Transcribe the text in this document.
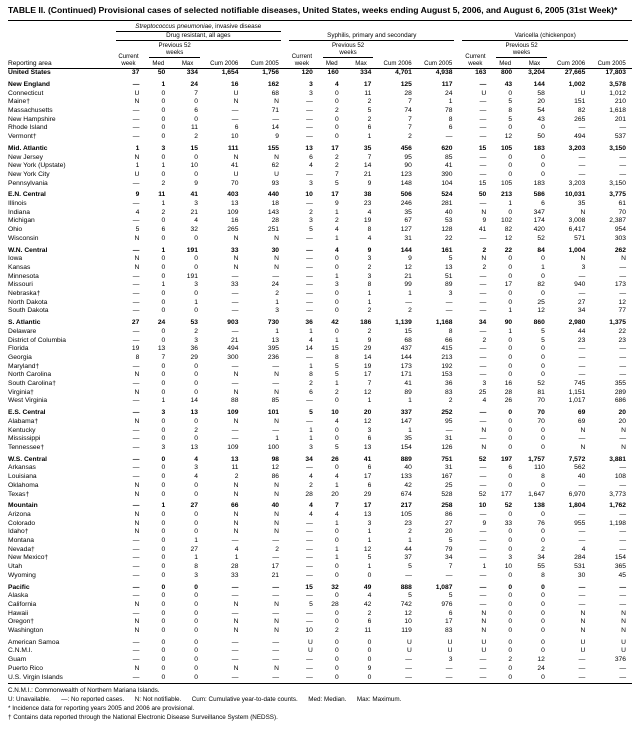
TABLE II. (Continued) Provisional cases of selected notifiable diseases, United States, weeks ending August 5, 2006, and August 6, 2005 (31st Week)*
Reporting area	Streptococcus pneumoniae, invasive disease					Syphilis, primary and secondary					Varicella (chickenpox)				

	Drug resistant, all ages														

	Current week	Previous 52 weeks		Cum 2006	Cum 2005	Current week	Previous 52 weeks		Cum 2006	Cum 2005	Current week	Previous 52 weeks		Cum 2006	Cum 2005
		Med	Max				Med	Max				Med	Max		
United States	37	50	334	1,654	1,756	120	160	334	4,701	4,938	163	800	3,204	27,665	17,803
New England	—	1	24	16	162	3	4	17	125	117	—	43	144	1,002	3,578
Connecticut	U	0	7	U	68	3	0	11	28	24	U	0	58	U	1,012
Maine†	N	0	0	N	N	—	0	2	7	1	—	5	20	151	210
Massachusetts	—	0	6	—	71	—	2	5	74	78	—	8	54	82	1,618
New Hampshire	—	0	0	—	—	—	0	2	7	8	—	5	43	265	201
Rhode Island	—	0	11	6	14	—	0	6	7	6	—	0	0	—	—
Vermont†	—	0	2	10	9	—	0	1	2	—	—	12	50	494	537
Mid. Atlantic	1	3	15	111	155	13	17	35	456	620	15	105	183	3,203	3,150
New Jersey	N	0	0	N	N	6	2	7	95	85	—	0	0	—	—
New York (Upstate)	1	1	10	41	62	4	2	14	90	41	—	0	0	—	—
New York City	U	0	0	U	U	—	7	21	123	390	—	0	0	—	—
Pennsylvania	—	2	9	70	93	3	5	9	148	104	15	105	183	3,203	3,150
E.N. Central	9	11	41	403	440	10	17	38	506	524	50	213	586	10,031	3,775
Illinois	—	1	3	13	18	—	9	23	246	281	—	1	6	35	61
Indiana	4	2	21	109	143	2	1	4	35	40	N	0	347	N	70
Michigan	—	0	4	16	28	3	2	19	67	53	9	102	174	3,008	2,387
Ohio	5	6	32	265	251	5	4	8	127	128	41	82	420	6,417	954
Wisconsin	N	0	0	N	N	—	1	4	31	22	—	12	52	571	303
W.N. Central	—	1	191	33	30	—	4	9	144	161	2	22	84	1,004	262
Iowa	N	0	0	N	N	—	0	3	9	5	N	0	0	N	N
Kansas	N	0	0	N	N	—	0	2	12	13	2	0	1	3	—
Minnesota	—	0	191	—	—	—	1	3	21	51	—	0	0	—	—
Missouri	—	1	3	33	24	—	3	8	99	89	—	17	82	940	173
Nebraska†	—	0	0	—	2	—	0	1	1	3	—	0	0	—	—
North Dakota	—	0	1	—	1	—	0	1	—	—	—	0	25	27	12
South Dakota	—	0	0	—	3	—	0	2	2	—	—	1	12	34	77
S. Atlantic	27	24	53	903	730	36	42	186	1,139	1,168	34	90	860	2,980	1,375
Delaware	—	0	2	—	1	1	0	2	15	8	—	1	5	44	22
District of Columbia	—	0	3	21	13	4	1	9	68	66	2	0	5	23	23
Florida	19	13	36	494	395	14	15	29	437	415	—	0	0	—	—
Georgia	8	7	29	300	236	—	8	14	144	213	—	0	0	—	—
Maryland†	—	0	0	—	—	1	5	19	173	192	—	0	0	—	—
North Carolina	N	0	0	N	N	8	5	17	171	153	—	0	0	—	—
South Carolina†	—	0	0	—	—	2	1	7	41	36	3	16	52	745	355
Virginia†	N	0	0	N	N	6	2	12	89	83	25	28	81	1,151	289
West Virginia	—	1	14	88	85	—	0	1	1	2	4	26	70	1,017	686
E.S. Central	—	3	13	109	101	5	10	20	337	252	—	0	70	69	20
Alabama†	N	0	0	N	N	—	4	12	147	95	—	0	70	69	20
Kentucky	—	0	2	—	—	1	0	3	1	—	N	0	0	N	N
Mississippi	—	0	0	—	1	1	0	6	35	31	—	0	0	—	—
Tennessee†	—	3	13	109	100	3	5	13	154	126	N	0	0	N	N
W.S. Central	—	0	4	13	98	34	26	41	889	751	52	197	1,757	7,572	3,881
Arkansas	—	0	3	11	12	—	0	6	40	31	—	6	110	562	—
Louisiana	—	0	4	2	86	4	4	17	133	167	—	0	8	40	108
Oklahoma	N	0	0	N	N	2	1	6	42	25	—	0	0	—	—
Texas†	N	0	0	N	N	28	20	29	674	528	52	177	1,647	6,970	3,773
Mountain	—	1	27	66	40	4	7	17	217	258	10	52	138	1,804	1,762
Arizona	N	0	0	N	N	4	4	13	105	86	—	0	0	—	—
Colorado	N	0	0	N	N	—	1	3	23	27	9	33	76	955	1,198
Idaho†	N	0	0	N	N	—	0	1	2	20	—	0	0	—	—
Montana	—	0	1	—	—	—	0	1	1	5	—	0	0	—	—
Nevada†	—	0	27	4	2	—	1	12	44	79	—	0	2	4	—
New Mexico†	—	0	1	1	—	—	1	5	37	34	—	3	34	284	154
Utah	—	0	8	28	17	—	0	1	5	7	1	10	55	531	365
Wyoming	—	0	3	33	21	—	0	0	—	—	—	0	8	30	45
Pacific	—	0	0	—	—	15	32	49	888	1,087	—	0	0	—	—
Alaska	—	0	0	—	—	—	0	4	5	5	—	0	0	—	—
California	N	0	0	N	N	5	28	42	742	976	—	0	0	—	—
Hawaii	—	0	0	—	—	—	0	2	12	6	N	0	0	N	N
Oregon†	N	0	0	N	N	—	0	6	10	17	N	0	0	N	N
Washington	N	0	0	N	N	10	2	11	119	83	N	0	0	N	N
American Samoa	—	0	0	—	—	U	0	0	U	U	U	0	0	U	U
C.N.M.I.	—	0	0	—	—	U	0	0	U	U	U	0	0	U	U
Guam	—	0	0	—	—	—	0	0	—	3	—	2	12	—	376
Puerto Rico	N	0	0	N	N	—	0	9	—	—	—	0	24	—	—
U.S. Virgin Islands	—	0	0	—	—	—	0	0	—	—	—	0	0	—	—
C.N.M.I.: Commonwealth of Northern Mariana Islands.
U: Unavailable.      —: No reported cases.      N: Not notifiable.      Cum: Cumulative year-to-date counts.      Med: Median.      Max: Maximum.
* Incidence data for reporting years 2005 and 2006 are provisional.
† Contains data reported through the National Electronic Disease Surveillance System (NEDSS).
